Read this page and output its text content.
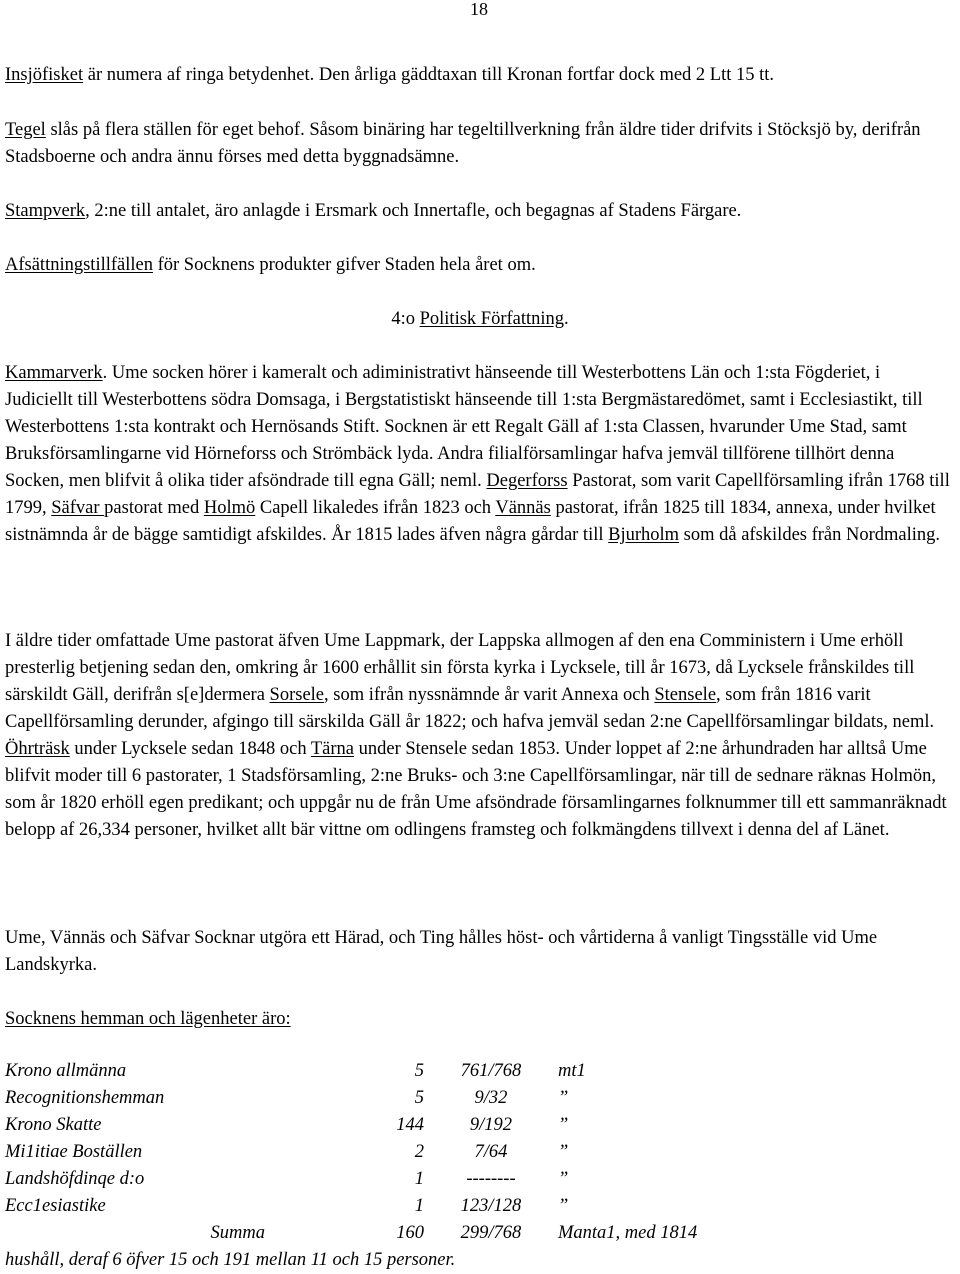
18
Insjöfisket är numera af ringa betydenhet. Den årliga gäddtaxan till Kronan fortfar dock med 2 Ltt 15 tt.
Tegel slås på flera ställen för eget behof. Såsom binäring har tegeltillverkning från äldre tider drifvits i Stöcksjö by, derifrån Stadsboerne och andra ännu förses med detta byggnadsämne.
Stampverk, 2:ne till antalet, äro anlagde i Ersmark och Innertafle, och begagnas af Stadens Färgare.
Afsättningstillfällen för Socknens produkter gifver Staden hela året om.
4:o Politisk Författning.
Kammarverk. Ume socken hörer i kameralt och adiministrativt hänseende till Westerbottens Län och 1:sta Fögderiet, i Judiciellt till Westerbottens södra Domsaga, i Bergstatistiskt hänseende till 1:sta Bergmästaredömet, samt i Ecclesiastikt, till Westerbottens 1:sta kontrakt och Hernösands Stift. Socknen är ett Regalt Gäll af 1:sta Classen, hvarunder Ume Stad, samt Bruksförsamlingarne vid Hörneforss och Strömbäck lyda. Andra filialförsamlingar hafva jemväl tillförene tillhört denna Socken, men blifvit å olika tider afsöndrade till egna Gäll; neml. Degerforss Pastorat, som varit Capellförsamling ifrån 1768 till 1799, Säfvar pastorat med Holmö Capell likaledes ifrån 1823 och Vännäs pastorat, ifrån 1825 till 1834, annexa, under hvilket sistnämnda år de bägge samtidigt afskildes. År 1815 lades äfven några gårdar till Bjurholm som då afskildes från Nordmaling.
I äldre tider omfattade Ume pastorat äfven Ume Lappmark, der Lappska allmogen af den ena Comministern i Ume erhöll presterlig betjening sedan den, omkring år 1600 erhållit sin första kyrka i Lycksele, till år 1673, då Lycksele frånskildes till särskildt Gäll, derifrån s[e]dermera Sorsele, som ifrån nyssnämnde år varit Annexa och Stensele, som från 1816 varit Capellförsamling derunder, afgingo till särskilda Gäll år 1822; och hafva jemväl sedan 2:ne Capellförsamlingar bildats, neml. Öhrträsk under Lycksele sedan 1848 och Tärna under Stensele sedan 1853. Under loppet af 2:ne århundraden har alltså Ume blifvit moder till 6 pastorater, 1 Stadsförsamling, 2:ne Bruks- och 3:ne Capellförsamlingar, när till de sednare räknas Holmön, som år 1820 erhöll egen predikant; och uppgår nu de från Ume afsöndrade församlingarnes folknummer till ett sammanräknadt belopp af 26,334 personer, hvilket allt bär vittne om odlingens framsteg och folkmängdens tillvext i denna del af Länet.
Ume, Vännäs och Säfvar Socknar utgöra ett Härad, och Ting hålles höst- och vårtiderna å vanligt Tingsställe vid Ume Landskyrka.
Socknens hemman och lägenheter äro:
Krono allmänna	5	761/768	mt1
Recognitionshemman	5	9/32	”
Krono Skatte	144	9/192	”
Mi1itiae Boställen	2	7/64	”
Landshöfdinqe d:o	1	--------	”
Ecc1esiastike	1	123/128	”
Summa	160	299/768	Manta1, med 1814
hushåll, deraf 6 öfver 15 och 191 mellan 11 och 15 personer.
